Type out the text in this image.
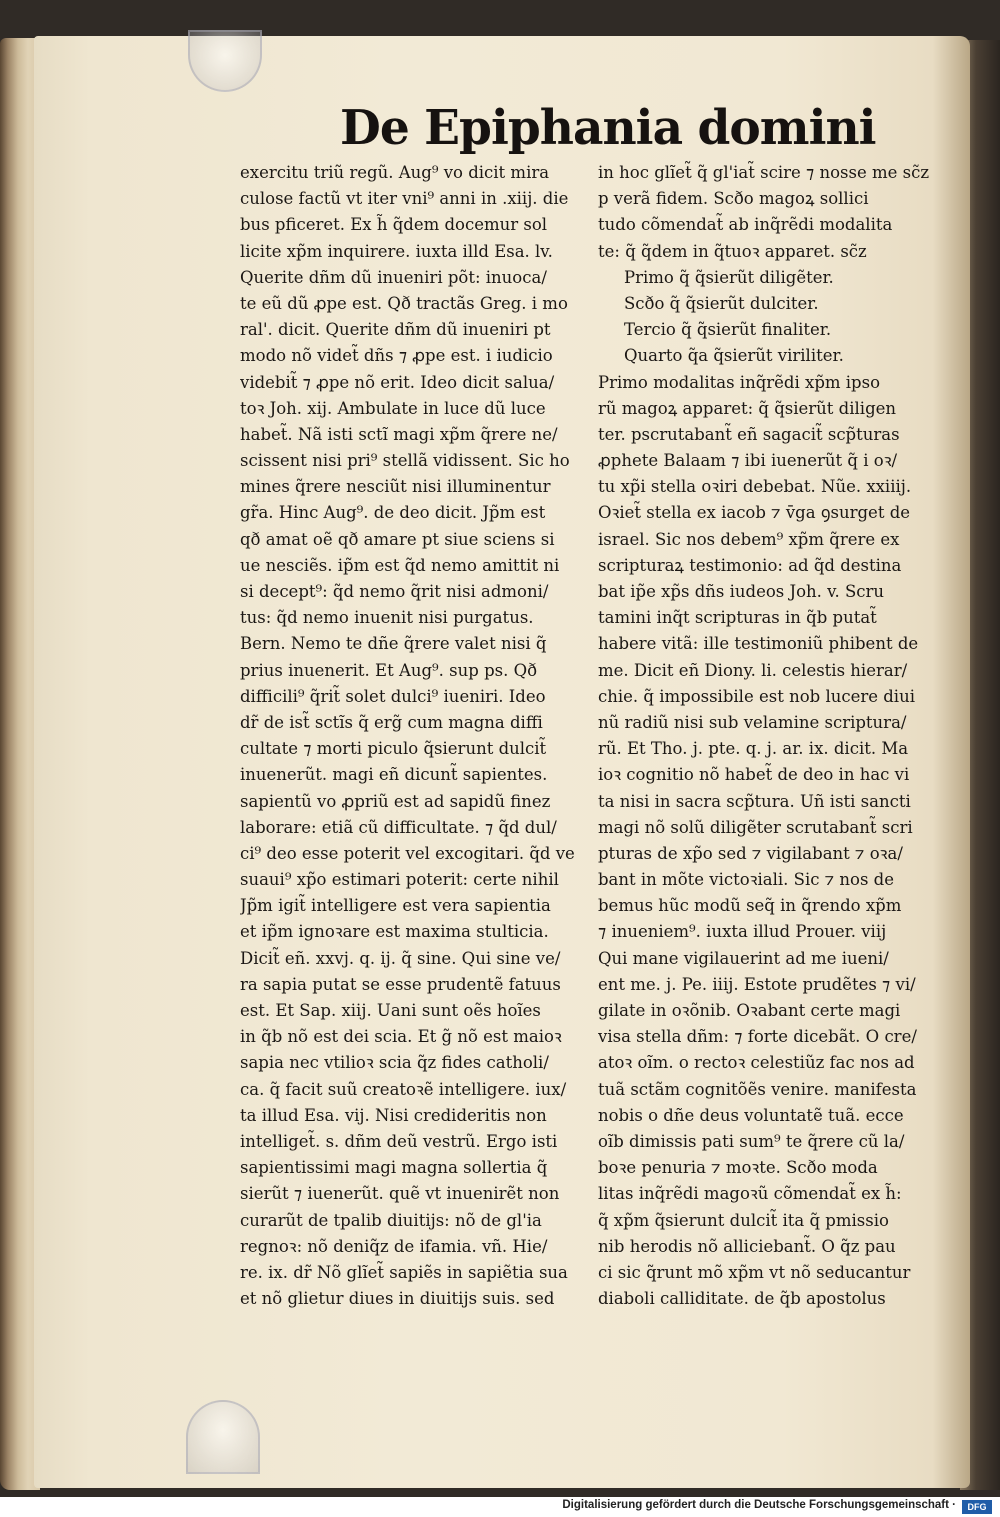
De Epiphania domini
exercitu triũ regũ. Aug⁹ vo dicit mira
culose factũ vt iter vni⁹ anni in .xiij. die
bus pficeret. Ex h̃ q̃dem docemur sol
licite xp̃m inquirere. iuxta illd Esa. lv.
Querite dñm dũ inueniri põt: inuoca/
te eũ dũ ꝓpe est. Qð tractãs Greg. i mo
ral'. dicit. Querite dñm dũ inueniri pt
modo nõ videt̃ dñs ⁊ ꝓpe est. i iudicio
videbit̃ ⁊ ꝓpe nõ erit. Ideo dicit salua/
toꝛ Joh. xij. Ambulate in luce dũ luce
habet̃. Nã isti sctĩ magi xp̃m q̃rere ne/
scissent nisi pri⁹ stellã vidissent. Sic ho
mines q̃rere nesciũt nisi illuminentur
gr̃a. Hinc Aug⁹. de deo dicit. Jp̃m est
qð amat oẽ qð amare pt siue sciens si
ue nesciẽs. ip̃m est q̃d nemo amittit ni
si decept⁹: q̃d nemo q̃rit nisi admoni/
tus: q̃d nemo inuenit nisi purgatus.
Bern. Nemo te dñe q̃rere valet nisi q̃
prius inuenerit. Et Aug⁹. sup ps. Qð
difficili⁹ q̃rit̃ solet dulci⁹ iueniri. Ideo
dr̃ de ist̃ sctĩs q̃ erg̃ cum magna diffi
cultate ⁊ morti piculo q̃sierunt dulcit̃
inuenerũt. magi eñ dicunt̃ sapientes.
sapientũ vo ꝓpriũ est ad sapidũ finez
laborare: etiã cũ difficultate. ⁊ q̃d dul/
ci⁹ deo esse poterit vel excogitari. q̃d ve
suaui⁹ xp̃o estimari poterit: certe nihil
Jp̃m igit̃ intelligere est vera sapientia
et ip̃m ignoꝛare est maxima stulticia.
Dicit̃ eñ. xxvj. q. ij. q̃ sine. Qui sine ve/
ra sapia putat se esse prudentẽ fatuus
est. Et Sap. xiij. Uani sunt oẽs hoĩes
in q̃b nõ est dei scia. Et g̃ nõ est maioꝛ
sapia nec vtilioꝛ scia q̃z fides catholi/
ca. q̃ facit suũ creatoꝛẽ intelligere. iux/
ta illud Esa. vij. Nisi credideritis non
intelliget̃. s. dñm deũ vestrũ. Ergo isti
sapientissimi magi magna sollertia q̃
sierũt ⁊ iuenerũt. quẽ vt inuenirẽt non
curarũt de tpalib diuitijs: nõ de gl'ia
regnoꝛ: nõ deniq̃z de ifamia. vñ. Hie/
re. ix. dr̃ Nõ glĩet̃ sapiẽs in sapiẽtia sua
et nõ glietur diues in diuitijs suis. sed
in hoc glĩet̃ q̃ gl'iat̃ scire ⁊ nosse me sc̃z
p verã fidem. Scðo magoꝝ sollici
tudo cõmendat̃ ab inq̃rẽdi modalita
te: q̃ q̃dem in q̃tuoꝛ apparet. sc̃z
Primo q̃ q̃sierũt diligẽter.
Scðo q̃ q̃sierũt dulciter.
Tercio q̃ q̃sierũt finaliter.
Quarto q̃a q̃sierũt viriliter.
Primo modalitas inq̃rẽdi xp̃m ipso
rũ magoꝝ apparet: q̃ q̃sierũt diligen
ter. pscrutabant̃ eñ sagacit̃ scp̃turas
ꝓphete Balaam ⁊ ibi iuenerũt q̃ i oꝛ/
tu xp̃i stella oꝛiri debebat. Nũe. xxiiij.
Oꝛiet̃ stella ex iacob ⁊ v̄ga ꝯsurget de
israel. Sic nos debem⁹ xp̃m q̃rere ex
scripturaꝝ testimonio: ad q̃d destina
bat ip̃e xp̃s dñs iudeos Joh. v. Scru
tamini inq̃t scripturas in q̃b putat̃
habere vitã: ille testimoniũ phibent de
me. Dicit eñ Diony. li. celestis hierar/
chie. q̃ impossibile est nob lucere diui
nũ radiũ nisi sub velamine scriptura/
rũ. Et Tho. j. pte. q. j. ar. ix. dicit. Ma
ioꝛ cognitio nõ habet̃ de deo in hac vi
ta nisi in sacra scp̃tura. Uñ isti sancti
magi nõ solũ diligẽter scrutabant̃ scri
pturas de xp̃o sed ⁊ vigilabant ⁊ oꝛa/
bant in mõte victoꝛiali. Sic ⁊ nos de
bemus hũc modũ seq̃ in q̃rendo xp̃m
⁊ inueniem⁹. iuxta illud Prouer. viij
Qui mane vigilauerint ad me iueni/
ent me. j. Pe. iiij. Estote prudẽtes ⁊ vi/
gilate in oꝛõnib. Oꝛabant certe magi
visa stella dñm: ⁊ forte dicebãt. O cre/
atoꝛ oĩm. o rectoꝛ celestiũz fac nos ad
tuã sctãm cognitõẽs venire. manifesta
nobis o dñe deus voluntatẽ tuã. ecce
oĩb dimissis pati sum⁹ te q̃rere cũ la/
boꝛe penuria ⁊ moꝛte. Scðo moda
litas inq̃rẽdi magoꝛũ cõmendat̃ ex h̃:
q̃ xp̃m q̃sierunt dulcit̃ ita q̃ pmissio
nib herodis nõ alliciebant̃. O q̃z pau
ci sic q̃runt mõ xp̃m vt nõ seducantur
diaboli calliditate. de q̃b apostolus
Digitalisierung gefördert durch die Deutsche Forschungsgemeinschaft ·	DFG
